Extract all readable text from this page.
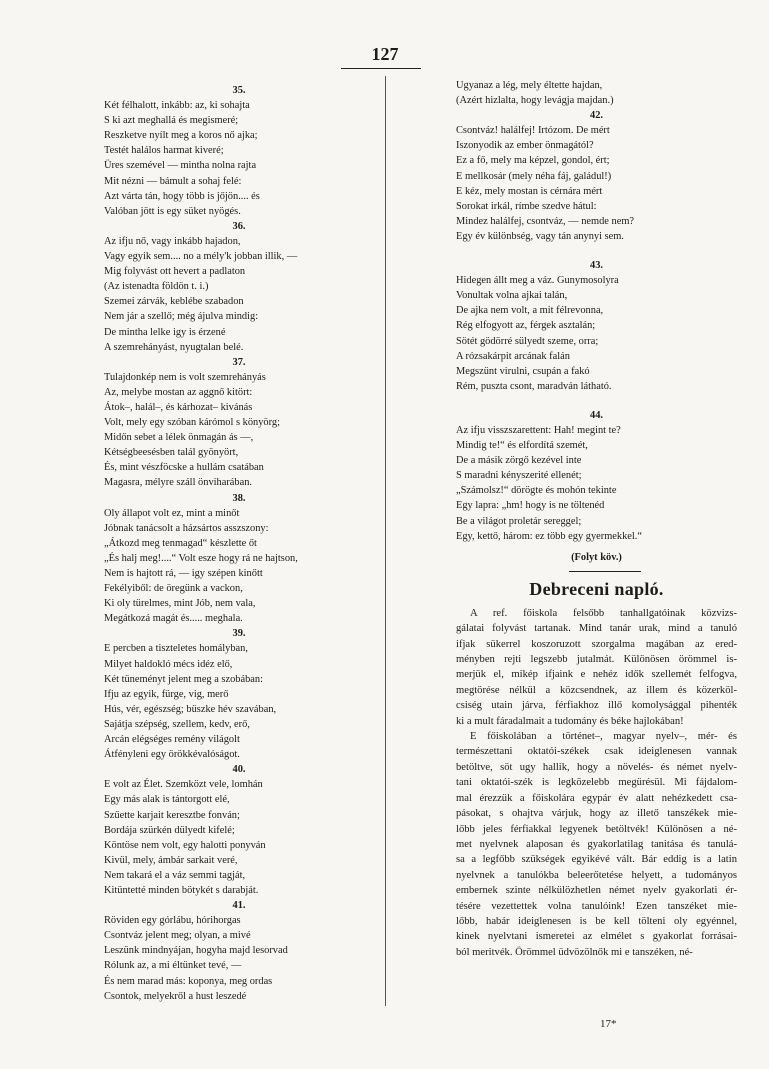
127
35.
Két félhalott, inkább: az, ki sohajta
S ki azt meghallá és megismeré;
Reszketve nyílt meg a koros nő ajka;
Testét halálos harmat kiveré;
Üres szemével — mintha nolna rajta
Mit nézni — bámult a sohaj felé:
Azt várta tán, hogy több is jőjön.... és
Valóban jött is egy süket nyögés.
36.
Az ifju nő, vagy inkább hajadon,
Vagy egyik sem.... no a mély'k jobban illik, —
Mig folyvást ott hevert a padlaton
(Az istenadta földön t. i.)
Szemei zárvák, keblébe szabadon
Nem jár a szellő; még ájulva mindig:
De mintha lelke igy is érzené
A szemrehányást, nyugtalan belé.
37.
Tulajdonkép nem is volt szemrehányás
Az, melybe mostan az aggnő kitört:
Átok–, halál–, és kárhozat– kivánás
Volt, mely egy szóban kárómol s könyörg;
Midőn sebet a lélek önmagán ás —,
Kétségbeesésben talál gyönyört,
És, mint vészföcske a hullám csatában
Magasra, mélyre száll önviharában.
38.
Oly állapot volt ez, mint a minőt
Jóbnak tanácsolt a házsártos asszszony:
„Átkozd meg tenmagad“ készlette őt
„És halj meg!....“ Volt esze hogy rá ne hajtson,
Nem is hajtott rá, — igy szépen kinőtt
Fekélyiből: de öregünk a vackon,
Ki oly türelmes, mint Jób, nem vala,
Megátkozá magát és..... meghala.
39.
E percben a tiszteletes homályban,
Milyet haldokló mécs idéz elő,
Két tüneményt jelent meg a szobában:
Ifju az egyik, fürge, vig, merő
Hús, vér, egészség; büszke hév szavában,
Sajátja szépség, szellem, kedv, erő,
Arcán elégséges remény világolt
Átfényleni egy örökkévalóságot.
40.
E volt az Élet. Szemközt vele, lomhán
Egy más alak is tántorgott elé,
Szűette karjait keresztbe fonván;
Bordája szürkén dülyedt kifelé;
Köntöse nem volt, egy halotti ponyván
Kivül, mely, ámbár sarkait veré,
Nem takará el a váz semmi tagját,
Kitüntetté minden bötykét s darabját.
41.
Röviden egy górlábu, hórihorgas
Csontváz jelent meg; olyan, a mivé
Leszünk mindnyájan, hogyha majd lesorvad
Rólunk az, a mi éltünket tevé, —
És nem marad más: koponya, meg ordas
Csontok, melyekről a hust leszedé
Ugyanaz a lég, mely éltette hajdan,
(Azért hizlalta, hogy levágja majdan.)
42.
Csontváz! halálfej! Irtózom. De mért
Iszonyodik az ember önmagától?
Ez a fő, mely ma képzel, gondol, ért;
E mellkosár (mely néha fáj, galádul!)
E kéz, mely mostan is cérnára mért
Sorokat irkál, rímbe szedve hátul:
Mindez halálfej, csontváz, — nemde nem?
Egy év különbség, vagy tán anynyi sem.
43.
Hidegen állt meg a váz. Gunymosolyra
Vonultak volna ajkai talán,
De ajka nem volt, a mit félrevonna,
Rég elfogyott az, férgek asztalán;
Sötét gödörré sülyedt szeme, orra;
A rózsakárpit arcának falán
Megszünt virulni, csupán a fakó
Rém, puszta csont, maradván látható.
44.
Az ifju visszszarettent: Hah! megint te?
Mindig te!“ és elfordítá szemét,
De a másik zörgő kezével inte
S maradni kényszerité ellenét;
„Számolsz!“ dörögte és mohón tekinte
Egy lapra: „hm! hogy is ne töltenéd
Be a világot proletár sereggel;
Egy, kettő, három: ez több egy gyermekkel.“
(Folyt köv.)
Debreceni napló.
A ref. főiskola felsőbb tanhallgatóinak közvizs-
gálatai folyvást tartanak. Mind tanár urak, mind a tanuló
ifjak sükerrel koszoruzott szorgalma magában az ered-
ményben rejti legszebb jutalmát. Különösen örömmel is-
merjük el, mikép ifjaink e nehéz idők szellemét felfogva,
megtörése nélkül a közcsendnek, az illem és közerköl-
csiség utain járva, férfiakhoz illő komolysággal pihenték
ki a mult fáradalmait a tudomány és béke hajlokában!
E főiskolában a történet–, magyar nyelv–, mér- és
természettani oktatói-székek csak ideiglenesen vannak
betöltve, söt ugy hallik, hogy a növelés- és német nyelv-
tani oktatói-szék is legközelebb megürésül. Mi fájdalom-
mal érezzük a főiskolára egypár év alatt nehézkedett csa-
pásokat, s ohajtva várjuk, hogy az illető tanszékek mie-
lőbb jeles férfiakkal legyenek betöltvék! Különösen a né-
met nyelvnek alaposan és gyakorlatilag tanitása és tanulá-
sa a legfőbb szükségek egyikévé vált. Bár eddig is a latin
nyelvnek a tanulókba beleerőtetése helyett, a tudományos
embernek szinte nélkülözhetlen német nyelv gyakorlati ér-
tésére vezettettek volna tanulóink! Ezen tanszéket mie-
lőbb, habár ideiglenesen is be kell tölteni oly egyénnel,
kinek nyelvtani ismeretei az elmélet s gyakorlat forrásai-
ból meritvék. Örömmel üdvözölnők mi e tanszéken, né-
17*
